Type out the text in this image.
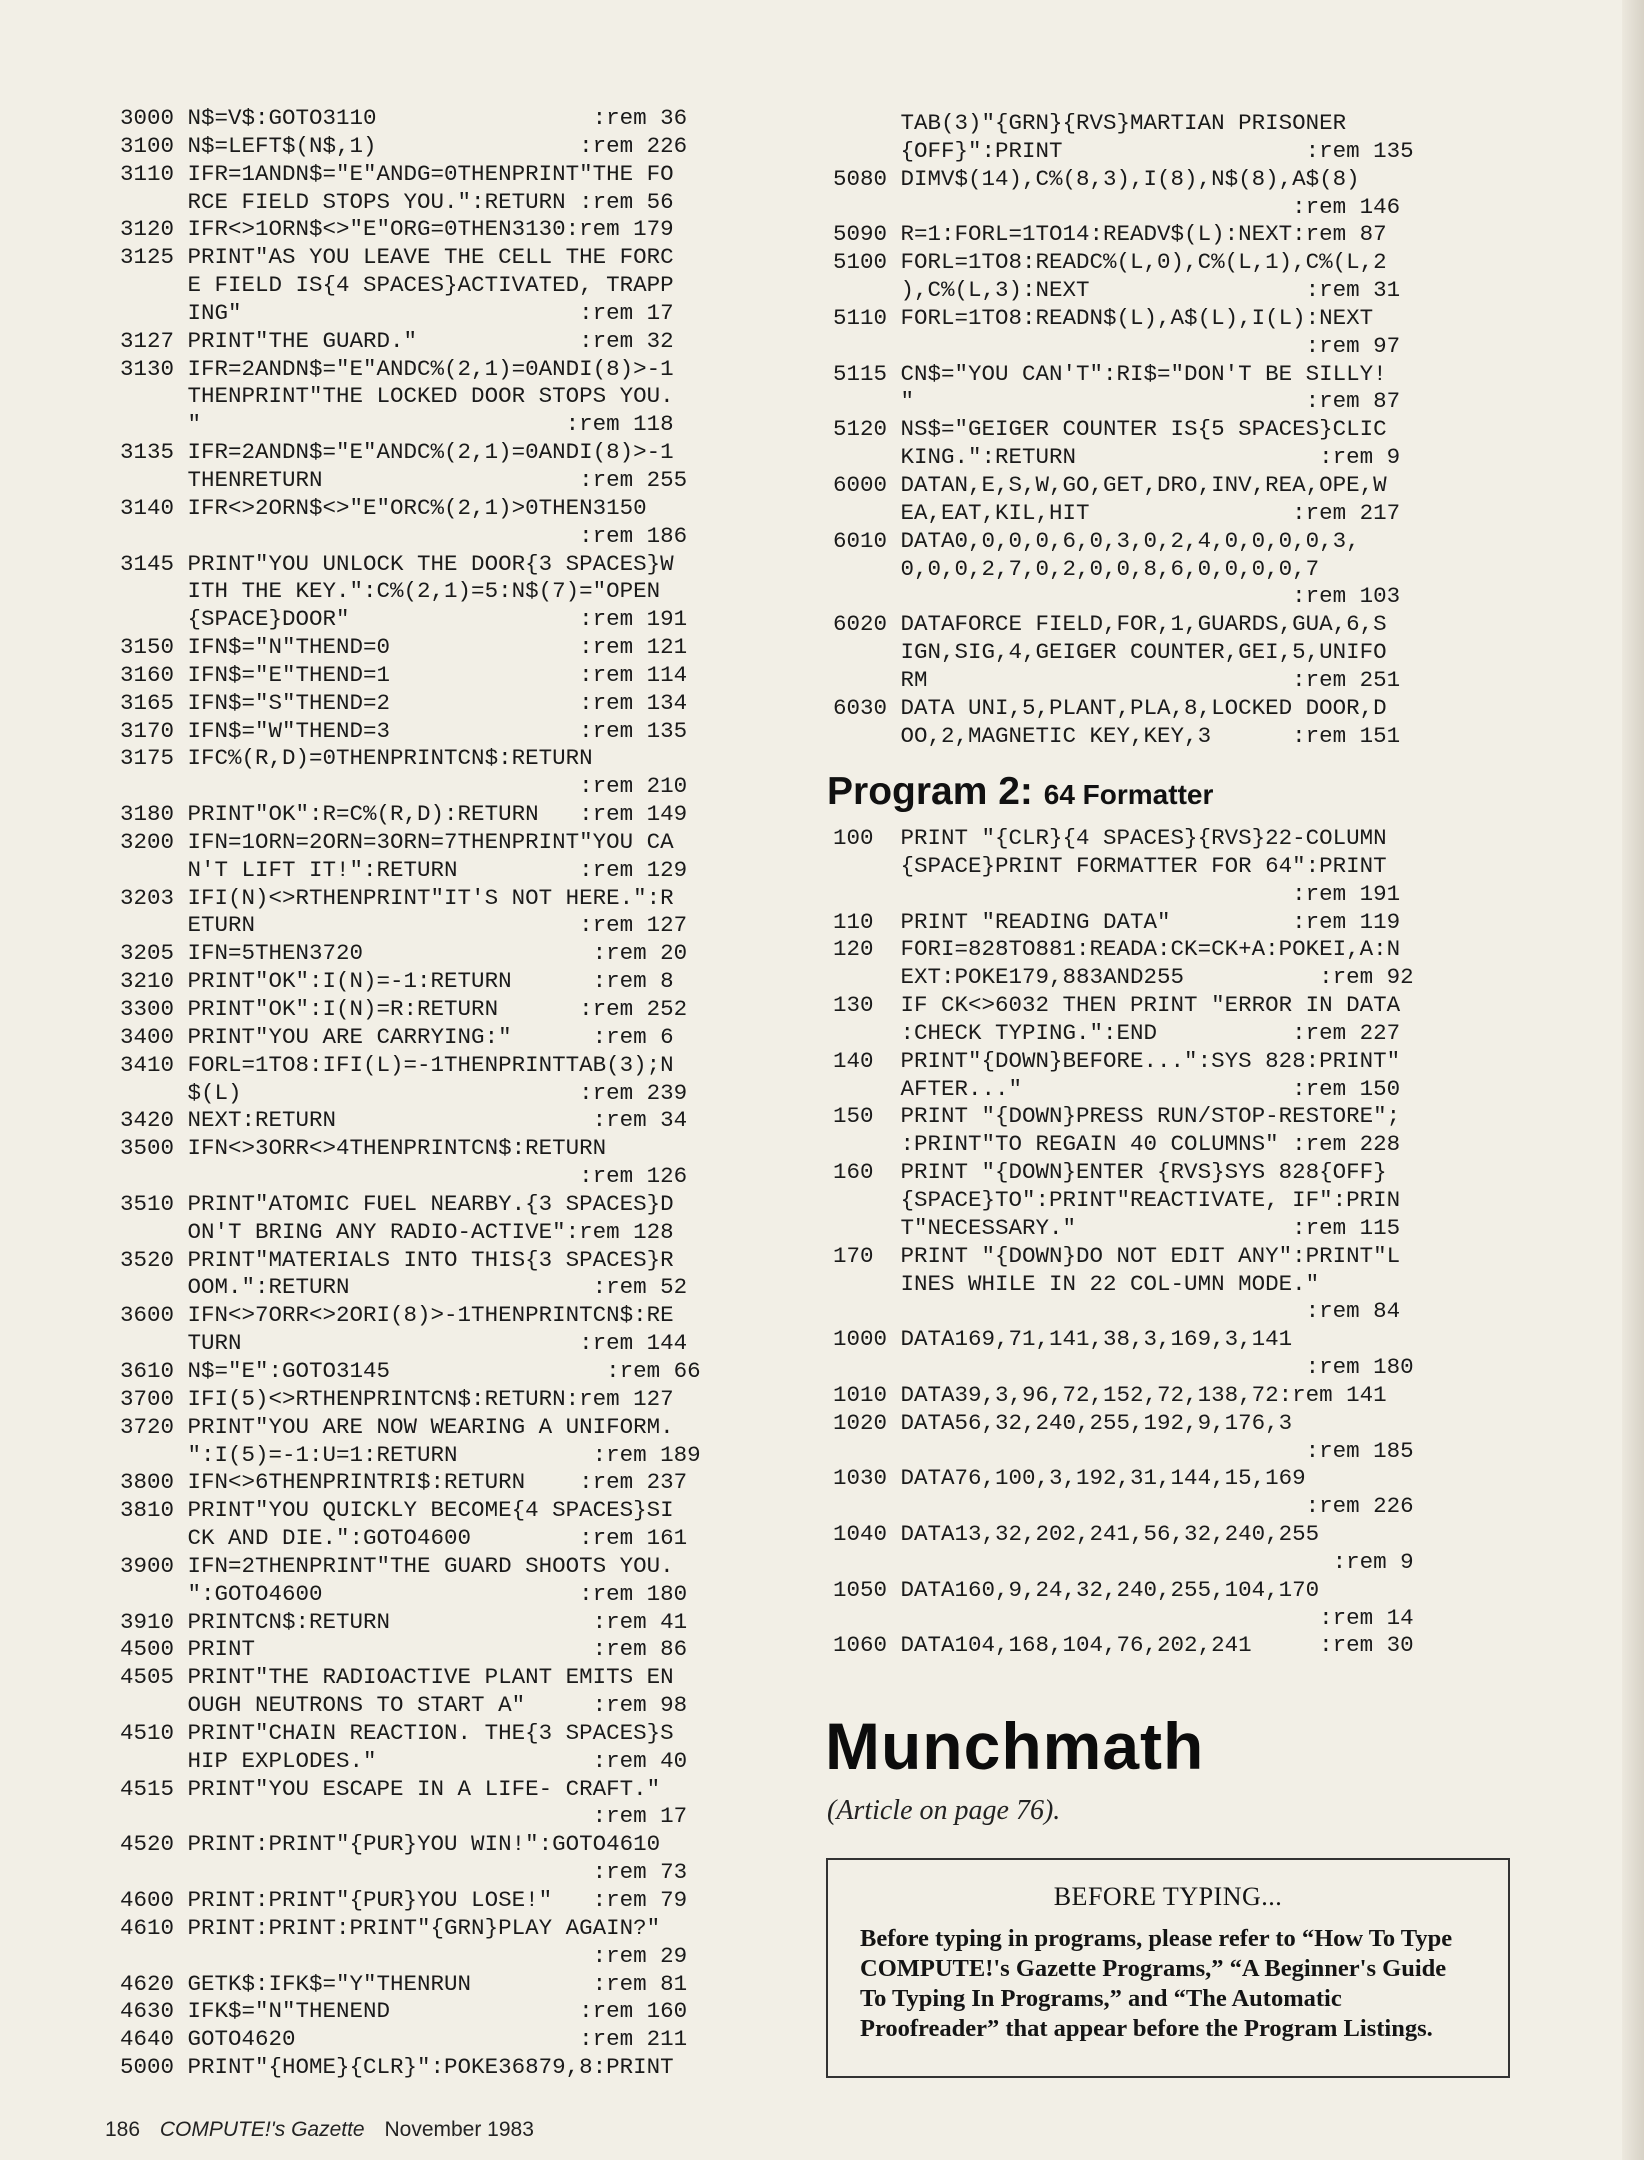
3000 N$=V$:GOTO3110                :rem 36
3100 N$=LEFT$(N$,1)               :rem 226
3110 IFR=1ANDN$="E"ANDG=0THENPRINT"THE FO
RCE FIELD STOPS YOU.":RETURN :rem 56
3120 IFR<>1ORN$<>"E"ORG=0THEN3130:rem 179
3125 PRINT"AS YOU LEAVE THE CELL THE FORC
E FIELD IS{4 SPACES}ACTIVATED, TRAPP
ING"                         :rem 17
3127 PRINT"THE GUARD."            :rem 32
3130 IFR=2ANDN$="E"ANDC%(2,1)=0ANDI(8)>-1
THENPRINT"THE LOCKED DOOR STOPS YOU.
"                           :rem 118
3135 IFR=2ANDN$="E"ANDC%(2,1)=0ANDI(8)>-1
THENRETURN                   :rem 255
3140 IFR<>2ORN$<>"E"ORC%(2,1)>0THEN3150
:rem 186
3145 PRINT"YOU UNLOCK THE DOOR{3 SPACES}W
ITH THE KEY.":C%(2,1)=5:N$(7)="OPEN
{SPACE}DOOR"                 :rem 191
3150 IFN$="N"THEND=0              :rem 121
3160 IFN$="E"THEND=1              :rem 114
3165 IFN$="S"THEND=2              :rem 134
3170 IFN$="W"THEND=3              :rem 135
3175 IFC%(R,D)=0THENPRINTCN$:RETURN
:rem 210
3180 PRINT"OK":R=C%(R,D):RETURN   :rem 149
3200 IFN=1ORN=2ORN=3ORN=7THENPRINT"YOU CA
N'T LIFT IT!":RETURN         :rem 129
3203 IFI(N)<>RTHENPRINT"IT'S NOT HERE.":R
ETURN                        :rem 127
3205 IFN=5THEN3720                 :rem 20
3210 PRINT"OK":I(N)=-1:RETURN      :rem 8
3300 PRINT"OK":I(N)=R:RETURN      :rem 252
3400 PRINT"YOU ARE CARRYING:"      :rem 6
3410 FORL=1TO8:IFI(L)=-1THENPRINTTAB(3);N
$(L)                         :rem 239
3420 NEXT:RETURN                   :rem 34
3500 IFN<>3ORR<>4THENPRINTCN$:RETURN
:rem 126
3510 PRINT"ATOMIC FUEL NEARBY.{3 SPACES}D
ON'T BRING ANY RADIO-ACTIVE":rem 128
3520 PRINT"MATERIALS INTO THIS{3 SPACES}R
OOM.":RETURN                  :rem 52
3600 IFN<>7ORR<>2ORI(8)>-1THENPRINTCN$:RE
TURN                         :rem 144
3610 N$="E":GOTO3145                :rem 66
3700 IFI(5)<>RTHENPRINTCN$:RETURN:rem 127
3720 PRINT"YOU ARE NOW WEARING A UNIFORM.
":I(5)=-1:U=1:RETURN          :rem 189
3800 IFN<>6THENPRINTRI$:RETURN    :rem 237
3810 PRINT"YOU QUICKLY BECOME{4 SPACES}SI
CK AND DIE.":GOTO4600        :rem 161
3900 IFN=2THENPRINT"THE GUARD SHOOTS YOU.
":GOTO4600                   :rem 180
3910 PRINTCN$:RETURN               :rem 41
4500 PRINT                         :rem 86
4505 PRINT"THE RADIOACTIVE PLANT EMITS EN
OUGH NEUTRONS TO START A"     :rem 98
4510 PRINT"CHAIN REACTION. THE{3 SPACES}S
HIP EXPLODES."                :rem 40
4515 PRINT"YOU ESCAPE IN A LIFE- CRAFT."
:rem 17
4520 PRINT:PRINT"{PUR}YOU WIN!":GOTO4610
:rem 73
4600 PRINT:PRINT"{PUR}YOU LOSE!"   :rem 79
4610 PRINT:PRINT:PRINT"{GRN}PLAY AGAIN?"
:rem 29
4620 GETK$:IFK$="Y"THENRUN         :rem 81
4630 IFK$="N"THENEND              :rem 160
4640 GOTO4620                     :rem 211
5000 PRINT"{HOME}{CLR}":POKE36879,8:PRINT
TAB(3)"{GRN}{RVS}MARTIAN PRISONER
{OFF}":PRINT                  :rem 135
5080 DIMV$(14),C%(8,3),I(8),N$(8),A$(8)
:rem 146
5090 R=1:FORL=1TO14:READV$(L):NEXT:rem 87
5100 FORL=1TO8:READC%(L,0),C%(L,1),C%(L,2
),C%(L,3):NEXT                :rem 31
5110 FORL=1TO8:READN$(L),A$(L),I(L):NEXT
:rem 97
5115 CN$="YOU CAN'T":RI$="DON'T BE SILLY!
"                             :rem 87
5120 NS$="GEIGER COUNTER IS{5 SPACES}CLIC
KING.":RETURN                  :rem 9
6000 DATAN,E,S,W,GO,GET,DRO,INV,REA,OPE,W
EA,EAT,KIL,HIT               :rem 217
6010 DATA0,0,0,0,6,0,3,0,2,4,0,0,0,0,3,
0,0,0,2,7,0,2,0,0,8,6,0,0,0,0,7
:rem 103
6020 DATAFORCE FIELD,FOR,1,GUARDS,GUA,6,S
IGN,SIG,4,GEIGER COUNTER,GEI,5,UNIFO
RM                           :rem 251
6030 DATA UNI,5,PLANT,PLA,8,LOCKED DOOR,D
OO,2,MAGNETIC KEY,KEY,3      :rem 151
Program 2: 64 Formatter
100 PRINT "{CLR}{4 SPACES}{RVS}22-COLUMN
{SPACE}PRINT FORMATTER FOR 64":PRINT
:rem 191
110 PRINT "READING DATA"         :rem 119
120 FORI=828TO881:READA:CK=CK+A:POKEI,A:N
EXT:POKE179,883AND255          :rem 92
130 IF CK<>6032 THEN PRINT "ERROR IN DATA
:CHECK TYPING.":END          :rem 227
140 PRINT"{DOWN}BEFORE...":SYS 828:PRINT"
AFTER..."                    :rem 150
150 PRINT "{DOWN}PRESS RUN/STOP-RESTORE";
:PRINT"TO REGAIN 40 COLUMNS" :rem 228
160 PRINT "{DOWN}ENTER {RVS}SYS 828{OFF}
{SPACE}TO":PRINT"REACTIVATE, IF":PRIN
T"NECESSARY."                :rem 115
170 PRINT "{DOWN}DO NOT EDIT ANY":PRINT"L
INES WHILE IN 22 COL-UMN MODE."
:rem 84
1000 DATA169,71,141,38,3,169,3,141
:rem 180
1010 DATA39,3,96,72,152,72,138,72:rem 141
1020 DATA56,32,240,255,192,9,176,3
:rem 185
1030 DATA76,100,3,192,31,144,15,169
:rem 226
1040 DATA13,32,202,241,56,32,240,255
:rem 9
1050 DATA160,9,24,32,240,255,104,170
:rem 14
1060 DATA104,168,104,76,202,241     :rem 30
Munchmath

(Article on page 76).

BEFORE TYPING...

Before typing in programs, please refer to “How To Type COMPUTE!'s Gazette Programs,” “A Beginner's Guide To Typing In Programs,” and “The Automatic Proofreader” that appear before the Program Listings.

186 COMPUTE!'s Gazette November 1983
